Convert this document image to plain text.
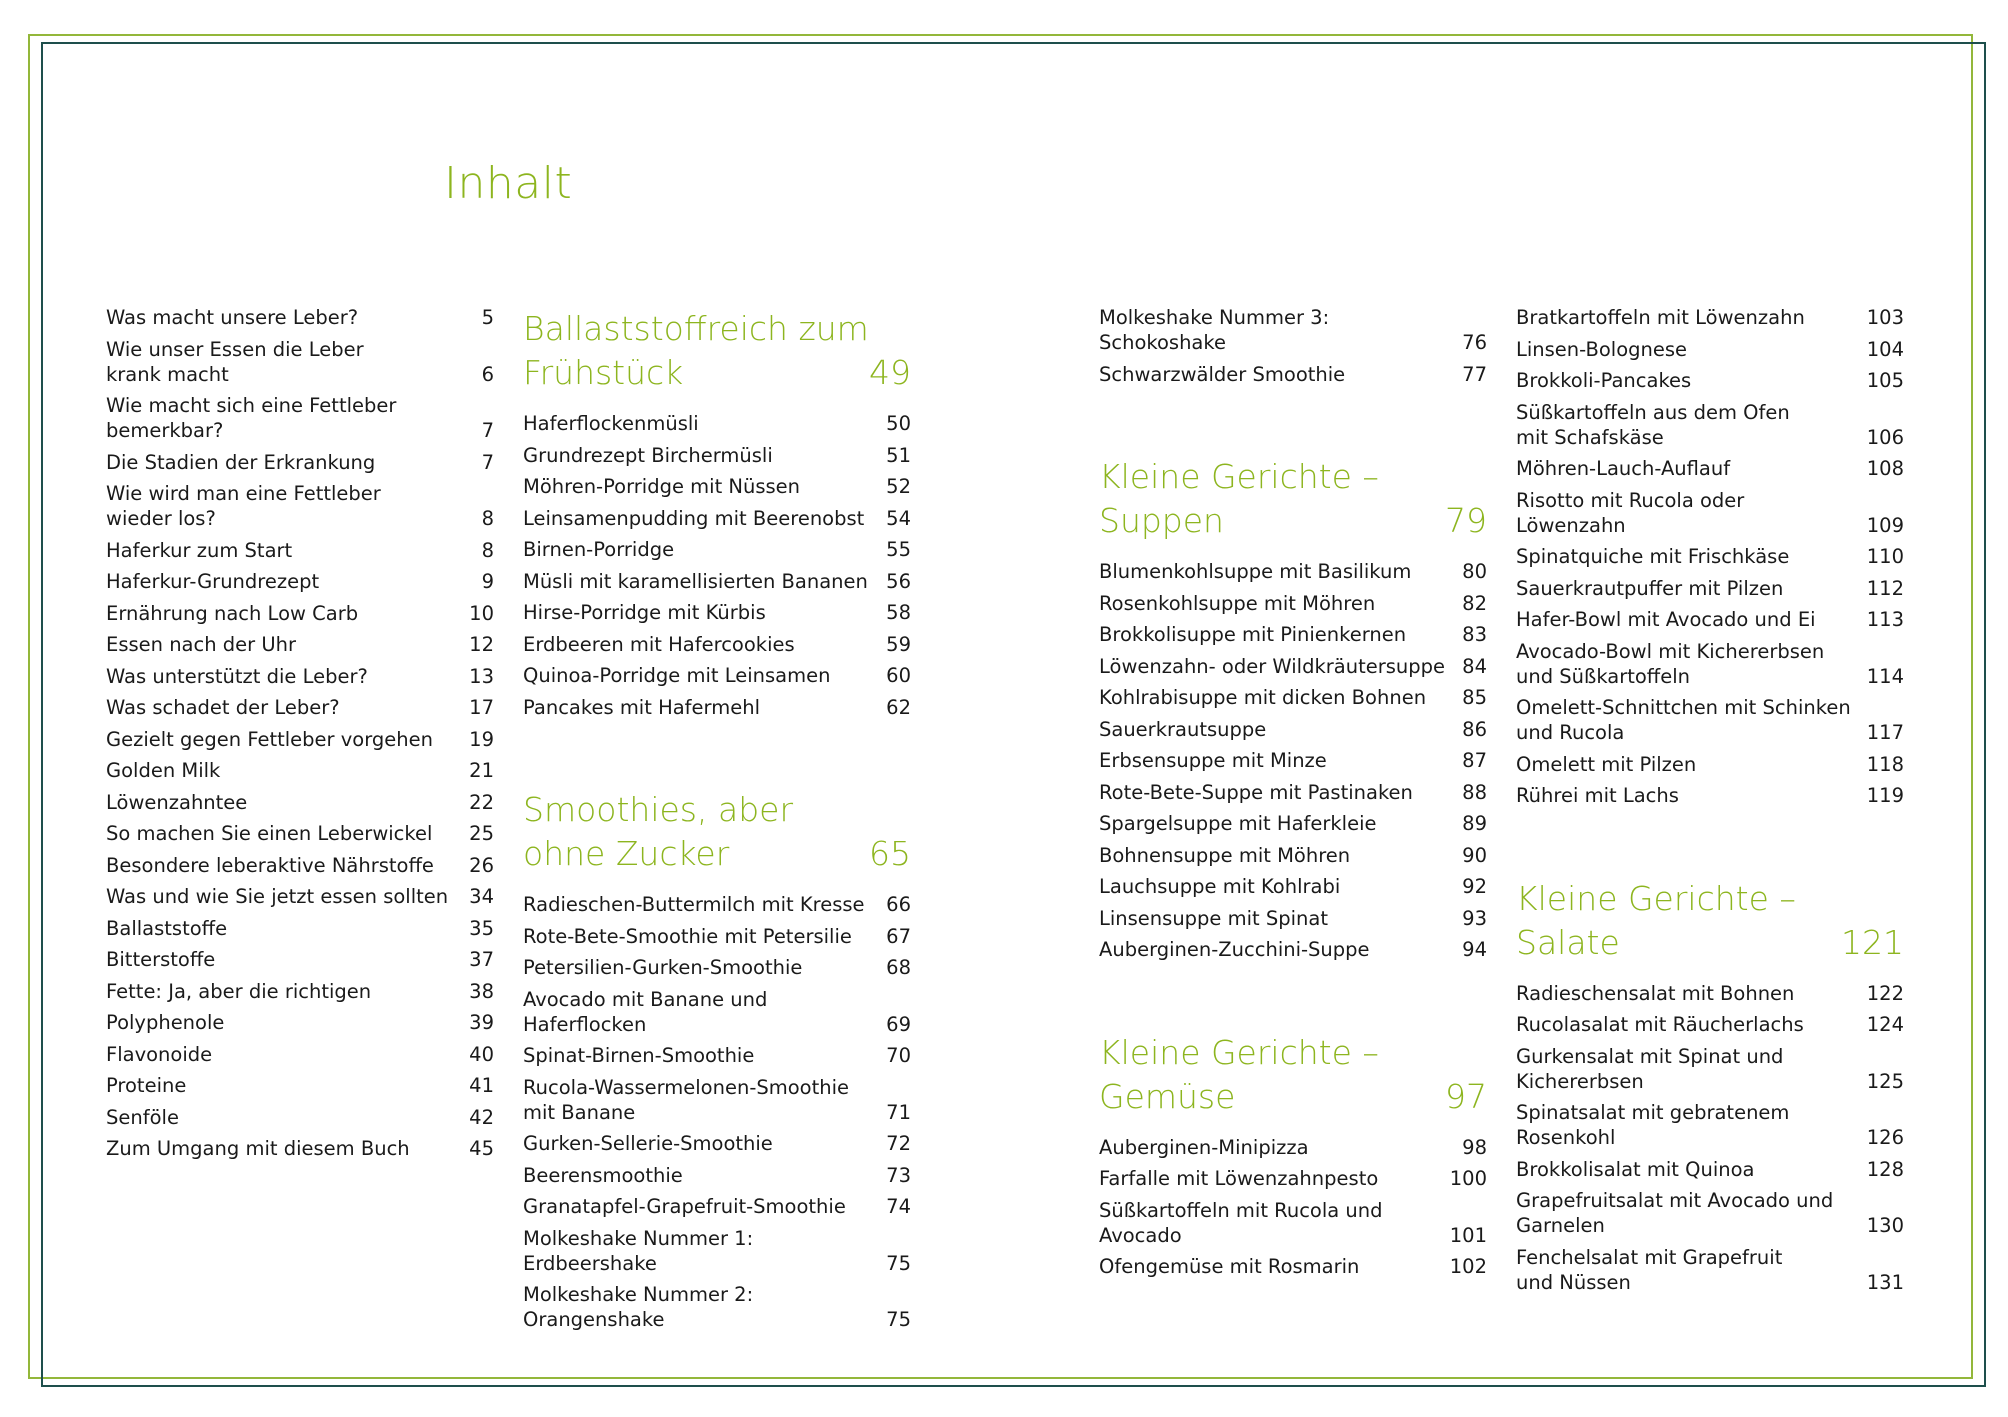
Inhalt
Was macht unsere Leber?	5
Wie unser Essen die Leber
krank macht	6
Wie macht sich eine Fettleber
bemerkbar?	7
Die Stadien der Erkrankung	7
Wie wird man eine Fettleber
wieder los?	8
Haferkur zum Start	8
Haferkur-Grundrezept	9
Ernährung nach Low Carb	10
Essen nach der Uhr	12
Was unterstützt die Leber?	13
Was schadet der Leber?	17
Gezielt gegen Fettleber vorgehen	19
Golden Milk	21
Löwenzahntee	22
So machen Sie einen Leberwickel	25
Besondere leberaktive Nährstoffe	26
Was und wie Sie jetzt essen sollten	34
Ballaststoffe	35
Bitterstoffe	37
Fette: Ja, aber die richtigen	38
Polyphenole	39
Flavonoide	40
Proteine	41
Senföle	42
Zum Umgang mit diesem Buch	45
Ballaststoffreich zum
Frühstück	49
Haferflockenmüsli	50
Grundrezept Birchermüsli	51
Möhren-Porridge mit Nüssen	52
Leinsamenpudding mit Beerenobst	54
Birnen-Porridge	55
Müsli mit karamellisierten Bananen 56
Hirse-Porridge mit Kürbis	58
Erdbeeren mit Hafercookies	59
Quinoa-Porridge mit Leinsamen	60
Pancakes mit Hafermehl	62
Smoothies, aber
ohne Zucker	65
Radieschen-Buttermilch mit Kresse	66
Rote-Bete-Smoothie mit Petersilie	67
Petersilien-Gurken-Smoothie	68
Avocado mit Banane und Haferflocken	69
Spinat-Birnen-Smoothie	70
Rucola-Wassermelonen-Smoothie
mit Banane	71
Gurken-Sellerie-Smoothie	72
Beerensmoothie	73
Granatapfel-Grapefruit-Smoothie	74
Molkeshake Nummer 1: Erdbeershake	75
Molkeshake Nummer 2:
Orangenshake	75
Molkeshake Nummer 3:
Schokoshake	76
Schwarzwälder Smoothie	77
Kleine Gerichte –
Suppen	79
Blumenkohlsuppe mit Basilikum	80
Rosenkohlsuppe mit Möhren	82
Brokkolisuppe mit Pinienkernen	83
Löwenzahn- oder Wildkräutersuppe 84
Kohlrabisuppe mit dicken Bohnen	85
Sauerkrautsuppe	86
Erbsensuppe mit Minze	87
Rote-Bete-Suppe mit Pastinaken	88
Spargelsuppe mit Haferkleie	89
Bohnensuppe mit Möhren	90
Lauchsuppe mit Kohlrabi	92
Linsensuppe mit Spinat	93
Auberginen-Zucchini-Suppe	94
Kleine Gerichte –
Gemüse	97
Auberginen-Minipizza	98
Farfalle mit Löwenzahnpesto	100
Süßkartoffeln mit Rucola und
Avocado	101
Ofengemüse mit Rosmarin	102
Bratkartoffeln mit Löwenzahn	103
Linsen-Bolognese	104
Brokkoli-Pancakes	105
Süßkartoffeln aus dem Ofen
mit Schafskäse	106
Möhren-Lauch-Auflauf	108
Risotto mit Rucola oder Löwenzahn	109
Spinatquiche mit Frischkäse	110
Sauerkrautpuffer mit Pilzen	112
Hafer-Bowl mit Avocado und Ei	113
Avocado-Bowl mit Kichererbsen
und Süßkartoffeln	114
Omelett-Schnittchen mit Schinken
und Rucola	117
Omelett mit Pilzen	118
Rührei mit Lachs	119
Kleine Gerichte –
Salate	121
Radieschensalat mit Bohnen	122
Rucolasalat mit Räucherlachs	124
Gurkensalat mit Spinat und
Kichererbsen	125
Spinatsalat mit gebratenem
Rosenkohl	126
Brokkolisalat mit Quinoa	128
Grapefruitsalat mit Avocado und
Garnelen	130
Fenchelsalat mit Grapefruit
und Nüssen	131
